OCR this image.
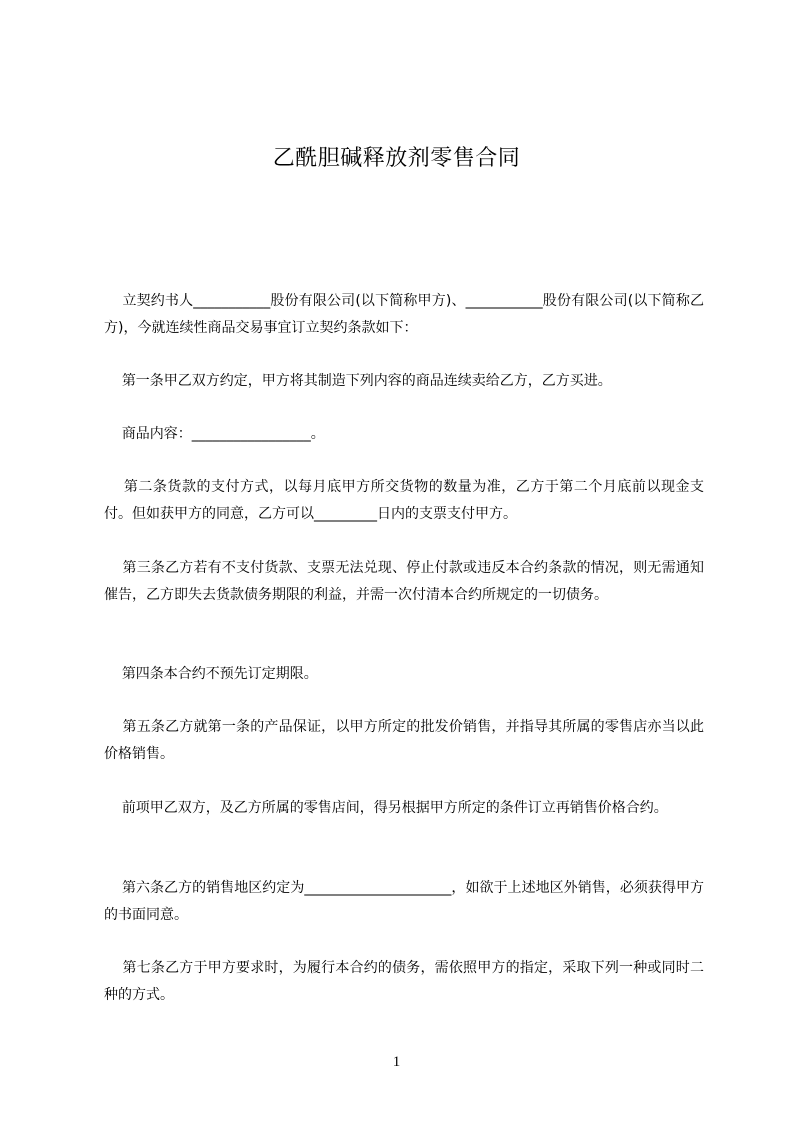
乙酰胆碱释放剂零售合同

立契约书人___________股份有限公司(以下简称甲方)、___________股份有限公司(以下简称乙方)，今就连续性商品交易事宜订立契约条款如下：

第一条甲乙双方约定，甲方将其制造下列内容的商品连续卖给乙方，乙方买进。

商品内容：_________________。

第二条货款的支付方式，以每月底甲方所交货物的数量为准，乙方于第二个月底前以现金支付。但如获甲方的同意，乙方可以_________日内的支票支付甲方。

第三条乙方若有不支付货款、支票无法兑现、停止付款或违反本合约条款的情况，则无需通知催告，乙方即失去货款债务期限的利益，并需一次付清本合约所规定的一切债务。

第四条本合约不预先订定期限。

第五条乙方就第一条的产品保证，以甲方所定的批发价销售，并指导其所属的零售店亦当以此价格销售。

前项甲乙双方，及乙方所属的零售店间，得另根据甲方所定的条件订立再销售价格合约。

第六条乙方的销售地区约定为_____________________，如欲于上述地区外销售，必须获得甲方的书面同意。

第七条乙方于甲方要求时，为履行本合约的债务，需依照甲方的指定，采取下列一种或同时二种的方式。

1
